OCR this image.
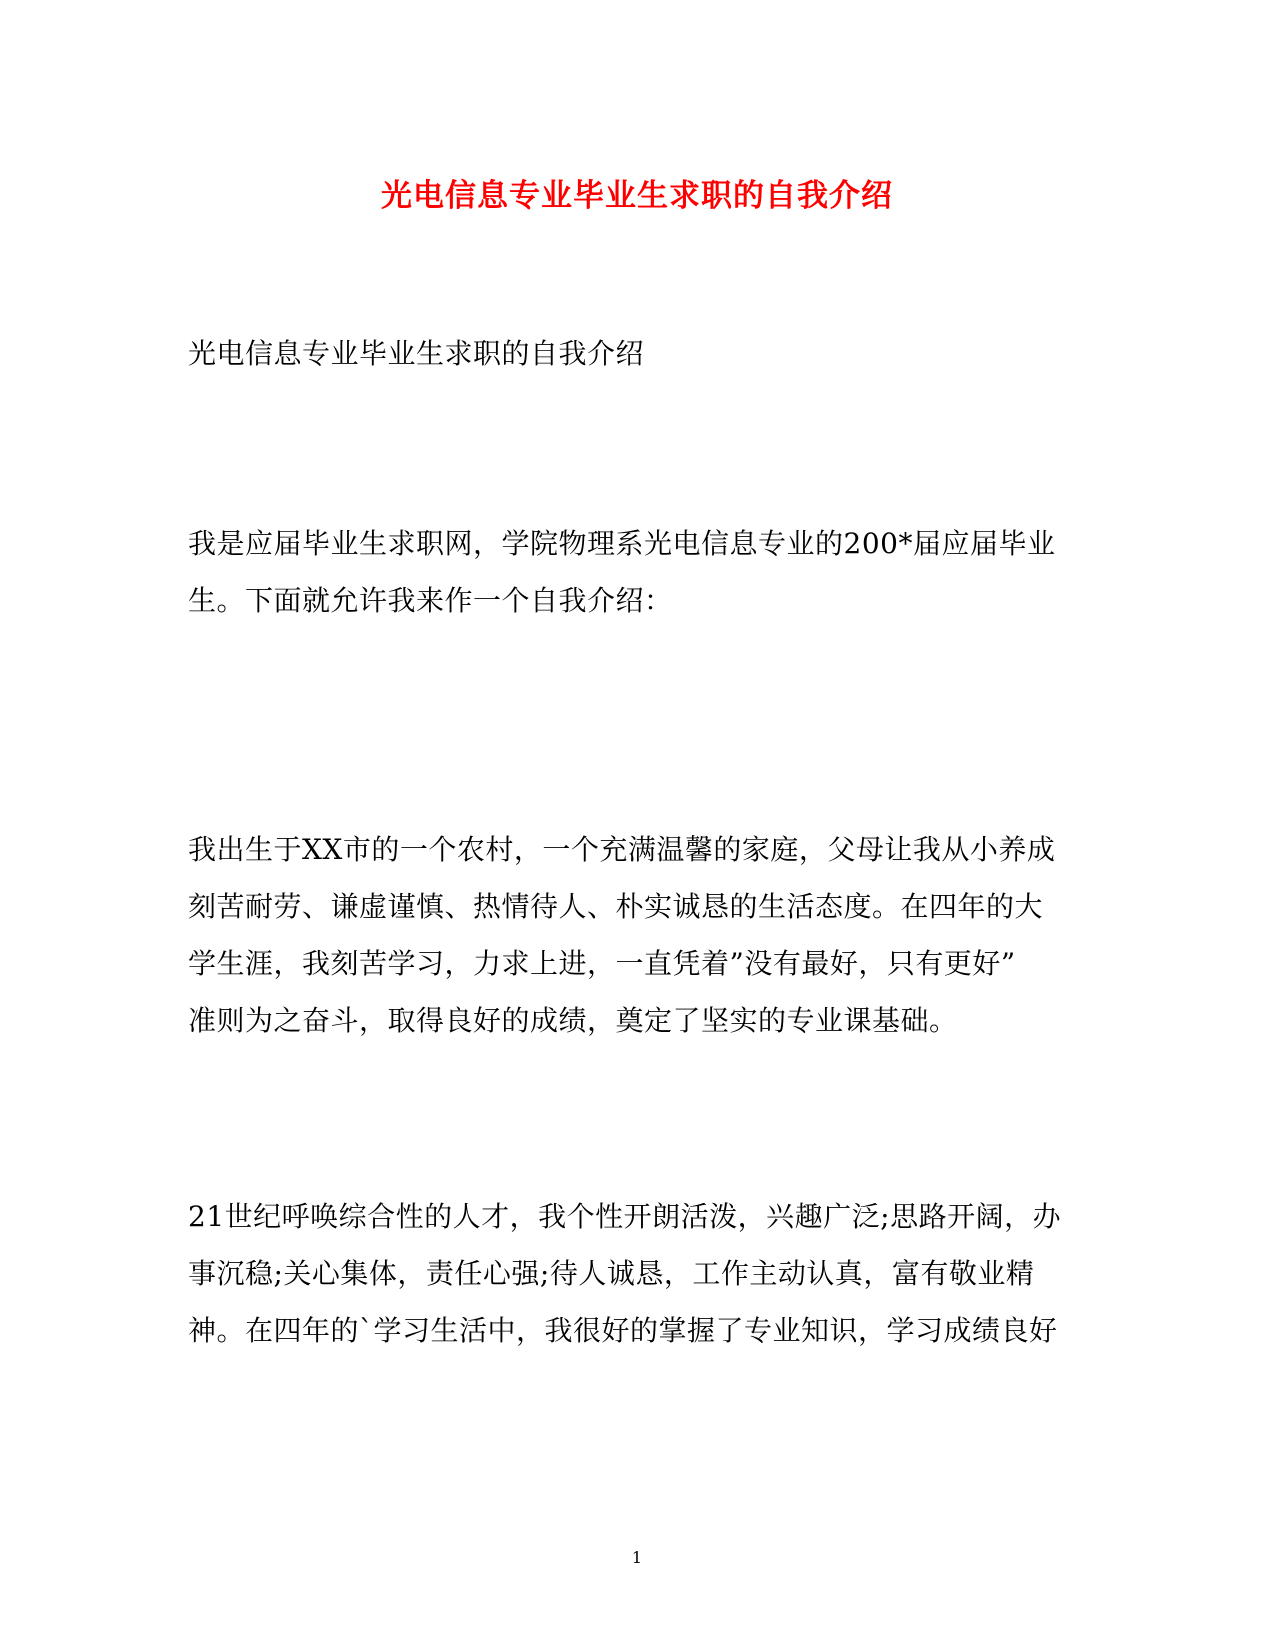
光电信息专业毕业生求职的自我介绍
光电信息专业毕业生求职的自我介绍
我是应届毕业生求职网，学院物理系光电信息专业的200*届应届毕业
生。下面就允许我来作一个自我介绍：
我出生于XX市的一个农村，一个充满温馨的家庭，父母让我从小养成
刻苦耐劳、谦虚谨慎、热情待人、朴实诚恳的生活态度。在四年的大
学生涯，我刻苦学习，力求上进，一直凭着”没有最好，只有更好”
准则为之奋斗，取得良好的成绩，奠定了坚实的专业课基础。
21世纪呼唤综合性的人才，我个性开朗活泼，兴趣广泛;思路开阔，办
事沉稳;关心集体，责任心强;待人诚恳，工作主动认真，富有敬业精
神。在四年的`学习生活中，我很好的掌握了专业知识，学习成绩良好
1
